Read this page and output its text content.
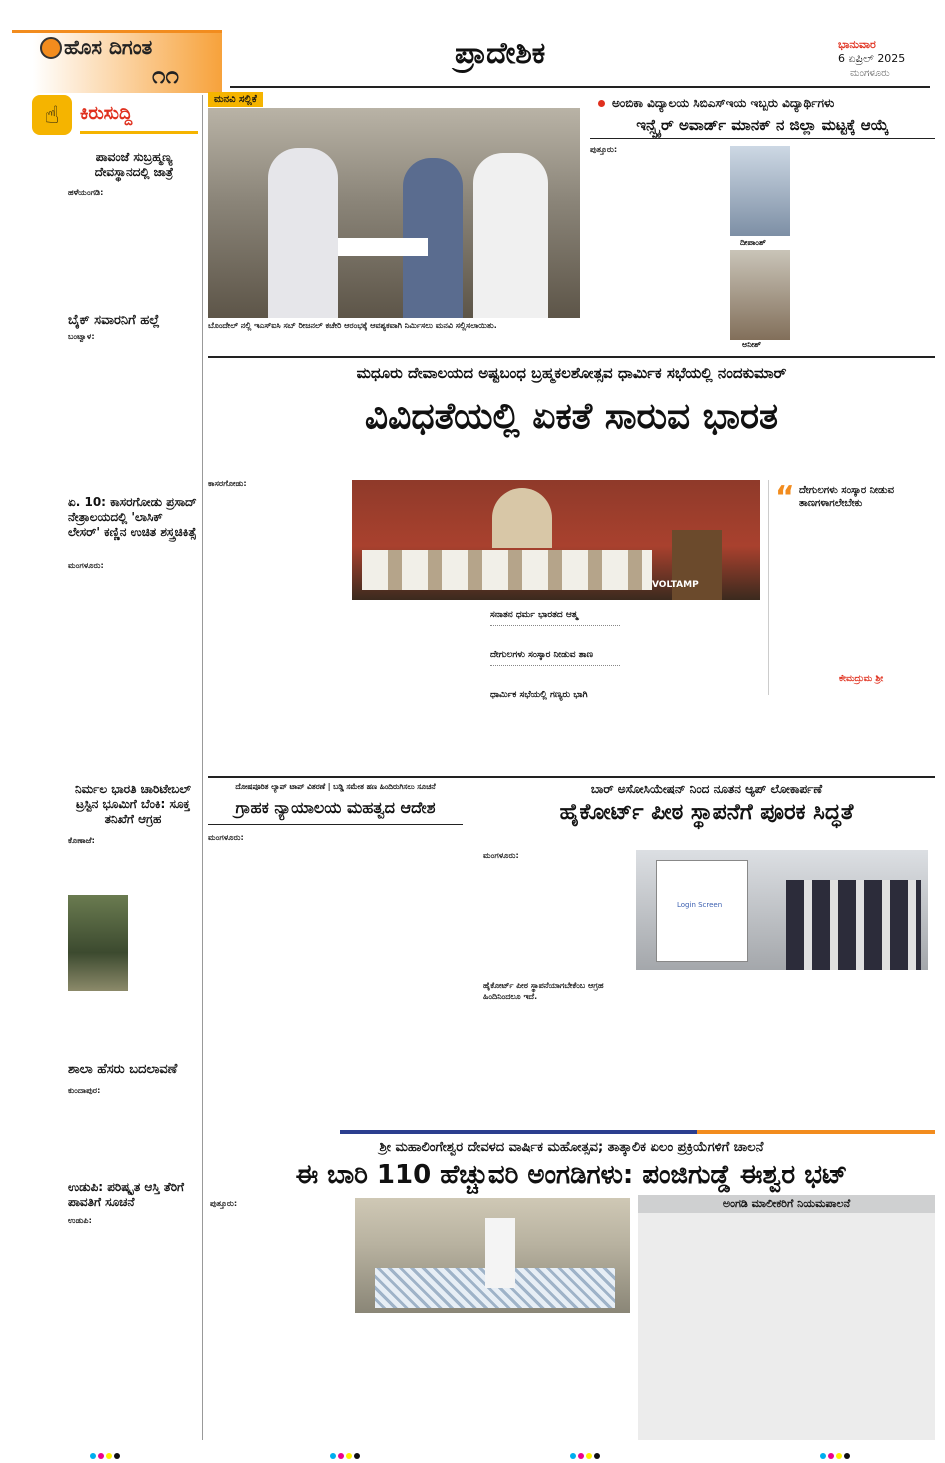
ಹೊಸ ದಿಗಂತ
೧೧
ಪ್ರಾದೇಶಿಕ	ಭಾನುವಾರ
6 ಏಪ್ರಿಲ್ 2025
ಮಂಗಳೂರು
☝	ಕಿರುಸುದ್ದಿ
ಪಾವಂಜೆ ಸುಬ್ರಹ್ಮಣ್ಯ ದೇವಸ್ಥಾನದಲ್ಲಿ ಜಾತ್ರೆ
ಹಳೆಯಂಗಡಿ:
ಬೈಕ್ ಸವಾರನಿಗೆ ಹಲ್ಲೆ
ಬಂಟ್ವಾಳ:
ಏ. 10: ಕಾಸರಗೋಡು ಪ್ರಸಾದ್ ನೇತ್ರಾಲಯದಲ್ಲಿ 'ಲಾಸಿಕ್ ಲೇಸರ್' ಕಣ್ಣಿನ ಉಚಿತ ಶಸ್ತ್ರಚಿಕಿತ್ಸೆ
ಮಂಗಳೂರು:
ನಿರ್ಮಲ ಭಾರತಿ ಚಾರಿಟೇಬಲ್ ಟ್ರಸ್ಟಿನ ಭೂಮಿಗೆ ಬೆಂಕಿ: ಸೂಕ್ತ ತನಿಖೆಗೆ ಆಗ್ರಹ
ಕೊಣಾಜೆ:
ಶಾಲಾ ಹೆಸರು ಬದಲಾವಣೆ
ಕುಂದಾಪುರ:
ಉಡುಪಿ: ಪರಿಷ್ಕೃತ ಆಸ್ತಿ ತೆರಿಗೆ ಪಾವತಿಗೆ ಸೂಚನೆ
ಉಡುಪಿ:
ಮನವಿ ಸಲ್ಲಿಕೆ
ಬೊಂದೇಲ್ ನಲ್ಲಿ ಇಎಸ್ಐಸಿ ಸಬ್ ರೀಜನಲ್ ಕಚೇರಿ ಆರಂಭಕ್ಕೆ ಆವಶ್ಯಕವಾಗಿ ನಿರ್ಮಿಸಲು ಮನವಿ ಸಲ್ಲಿಸಲಾಯಿತು.
ಅಂಬಿಕಾ ವಿದ್ಯಾಲಯ ಸಿಬಿಎಸ್ಇಯ ಇಬ್ಬರು ವಿದ್ಯಾರ್ಥಿಗಳು
ಇನ್ಸ್ಪೈರ್ ಅವಾರ್ಡ್ ಮಾನಕ್ ನ ಜಿಲ್ಲಾ ಮಟ್ಟಕ್ಕೆ ಆಯ್ಕೆ
ಪುತ್ತೂರು:
ದೀಪಾಂಶ್
ಅನೀಶ್
ಮಧೂರು ದೇವಾಲಯದ ಅಷ್ಟಬಂಧ ಬ್ರಹ್ಮಕಲಶೋತ್ಸವ ಧಾರ್ಮಿಕ ಸಭೆಯಲ್ಲಿ ನಂದಕುಮಾರ್
ವಿವಿಧತೆಯಲ್ಲಿ ಏಕತೆ ಸಾರುವ ಭಾರತ
ಕಾಸರಗೋಡು:
VOLTAMP
ಸನಾತನ ಧರ್ಮ ಭಾರತದ ಆತ್ಮ
ದೇಗುಲಗಳು ಸಂಸ್ಕಾರ ನೀಡುವ ತಾಣ
ಧಾರ್ಮಿಕ ಸಭೆಯಲ್ಲಿ ಗಣ್ಯರು ಭಾಗಿ
“ ದೇಗುಲಗಳು ಸಂಸ್ಕಾರ ನೀಡುವ ತಾಣಗಳಾಗಲೇಬೇಕು
ಕೇಮದ್ರುಮ ಶ್ರೀ
ದೋಷಪೂರಿತ ಲ್ಯಾಪ್ ಟಾಪ್ ವಿತರಣೆ | ಬಡ್ಡಿ ಸಮೇತ ಹಣ ಹಿಂದಿರುಗಿಸಲು ಸೂಚನೆ
ಗ್ರಾಹಕ ನ್ಯಾಯಾಲಯ ಮಹತ್ವದ ಆದೇಶ
ಮಂಗಳೂರು:
ಬಾರ್ ಅಸೋಸಿಯೇಷನ್ ನಿಂದ ನೂತನ ಆ್ಯಪ್ ಲೋಕಾರ್ಪಣೆ
ಹೈಕೋರ್ಟ್ ಪೀಠ ಸ್ಥಾಪನೆಗೆ ಪೂರಕ ಸಿದ್ಧತೆ
ಮಂಗಳೂರು:
Login Screen
ಹೈಕೋರ್ಟ್ ಪೀಠ ಸ್ಥಾಪನೆಯಾಗಬೇಕೆಂಬ ಆಗ್ರಹ ಹಿಂದಿನಿಂದಲೂ ಇದೆ.
ಶ್ರೀ ಮಹಾಲಿಂಗೇಶ್ವರ ದೇವಳದ ವಾರ್ಷಿಕ ಮಹೋತ್ಸವ; ತಾತ್ಕಾಲಿಕ ಏಲಂ ಪ್ರಕ್ರಿಯೆಗಳಿಗೆ ಚಾಲನೆ
ಈ ಬಾರಿ 110 ಹೆಚ್ಚುವರಿ ಅಂಗಡಿಗಳು: ಪಂಜಿಗುಡ್ಡೆ ಈಶ್ವರ ಭಟ್
ಪುತ್ತೂರು:	ಅಂಗಡಿ ಮಾಲೀಕರಿಗೆ ನಿಯಮಪಾಲನೆ
